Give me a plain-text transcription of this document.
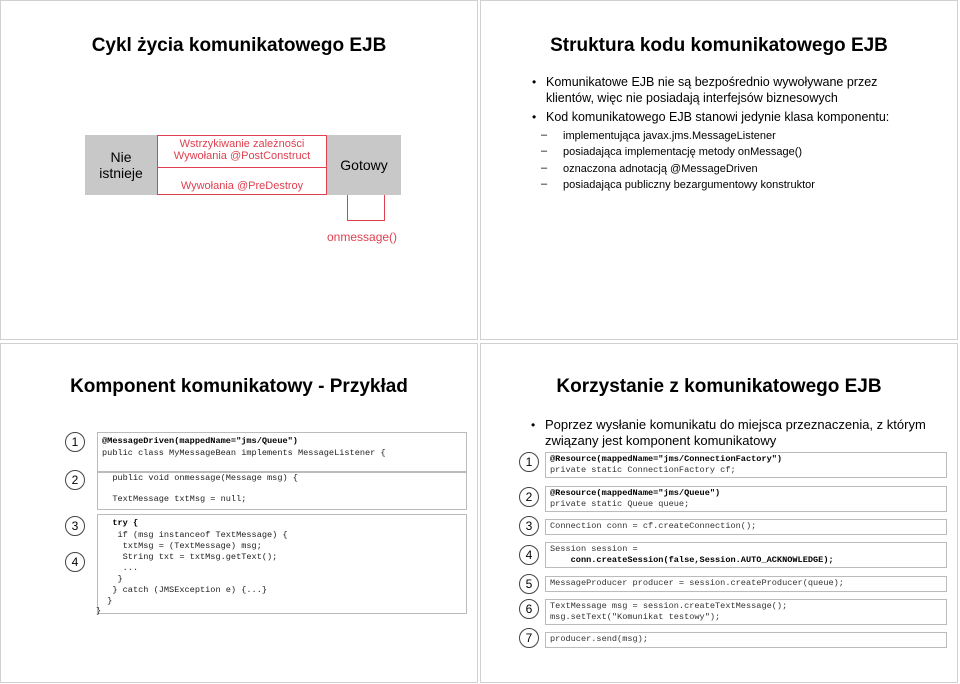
Cykl życia komunikatowego EJB
Nie
istnieje
Wstrzykiwanie zależności
Wywołania @PostConstruct
Wywołania @PreDestroy
Gotowy
onmessage()
Struktura kodu komunikatowego EJB
• Komunikatowe EJB nie są bezpośrednio wywoływane przez klientów, więc nie posiadają interfejsów biznesowych
• Kod komunikatowego EJB stanowi jedynie klasa komponentu:
– implementująca javax.jms.MessageListener
– posiadająca implementację metody onMessage()
– oznaczona adnotacją @MessageDriven
– posiadająca publiczny bezargumentowy konstruktor
Komponent komunikatowy - Przykład
1
2
3
4
@MessageDriven(mappedName="jms/Queue")
public class MyMessageBean implements MessageListener {
public void onmessage(Message msg) {
TextMessage txtMsg = null;
try {
if (msg instanceof TextMessage) {
txtMsg = (TextMessage) msg;
String txt = txtMsg.getText();
...
}
} catch (JMSException e) {...}
}
}
Korzystanie z komunikatowego EJB
• Poprzez wysłanie komunikatu do miejsca przeznaczenia, z którym związany jest komponent komunikatowy
1
2
3
4
5
6
7
@Resource(mappedName="jms/ConnectionFactory")
private static ConnectionFactory cf;
@Resource(mappedName="jms/Queue")
private static Queue queue;
Connection conn = cf.createConnection();
Session session =
conn.createSession(false,Session.AUTO_ACKNOWLEDGE);
MessageProducer producer = session.createProducer(queue);
TextMessage msg = session.createTextMessage();
msg.setText("Komunikat testowy");
producer.send(msg);
